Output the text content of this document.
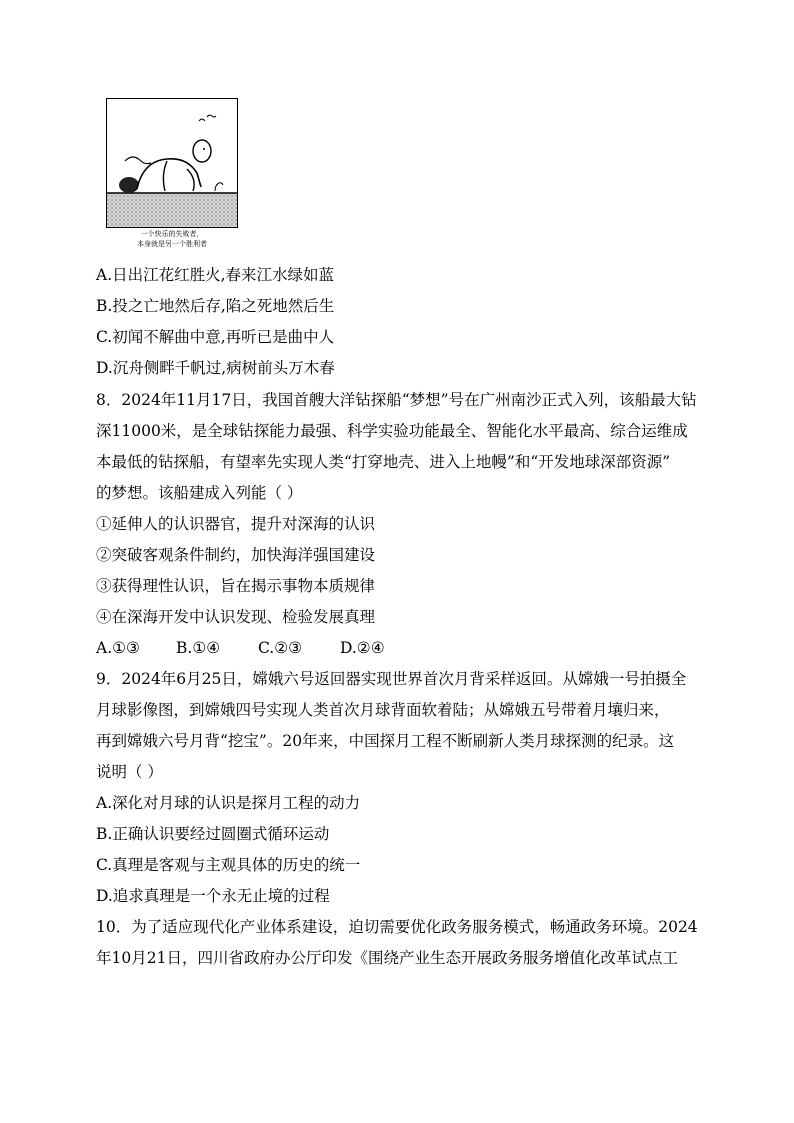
一个快乐的失败者，
本身就是另一个胜利者
A.日出江花红胜火,春来江水绿如蓝
B.投之亡地然后存,陷之死地然后生
C.初闻不解曲中意,再听已是曲中人
D.沉舟侧畔千帆过,病树前头万木春
8．2024年11月17日，我国首艘大洋钻探船“梦想”号在广州南沙正式入列，该船最大钻
深11000米，是全球钻探能力最强、科学实验功能最全、智能化水平最高、综合运维成
本最低的钻探船，有望率先实现人类“打穿地壳、进入上地幔”和“开发地球深部资源”
的梦想。该船建成入列能（ ）
①延伸人的认识器官，提升对深海的认识
②突破客观条件制约，加快海洋强国建设
③获得理性认识，旨在揭示事物本质规律
④在深海开发中认识发现、检验发展真理
A.①③ B.①④ C.②③ D.②④
9．2024年6月25日，嫦娥六号返回器实现世界首次月背采样返回。从嫦娥一号拍摄全
月球影像图，到嫦娥四号实现人类首次月球背面软着陆；从嫦娥五号带着月壤归来，
再到嫦娥六号月背“挖宝”。20年来，中国探月工程不断刷新人类月球探测的纪录。这
说明（ ）
A.深化对月球的认识是探月工程的动力
B.正确认识要经过圆圈式循环运动
C.真理是客观与主观具体的历史的统一
D.追求真理是一个永无止境的过程
10．为了适应现代化产业体系建设，迫切需要优化政务服务模式，畅通政务环境。2024
年10月21日，四川省政府办公厅印发《围绕产业生态开展政务服务增值化改革试点工
